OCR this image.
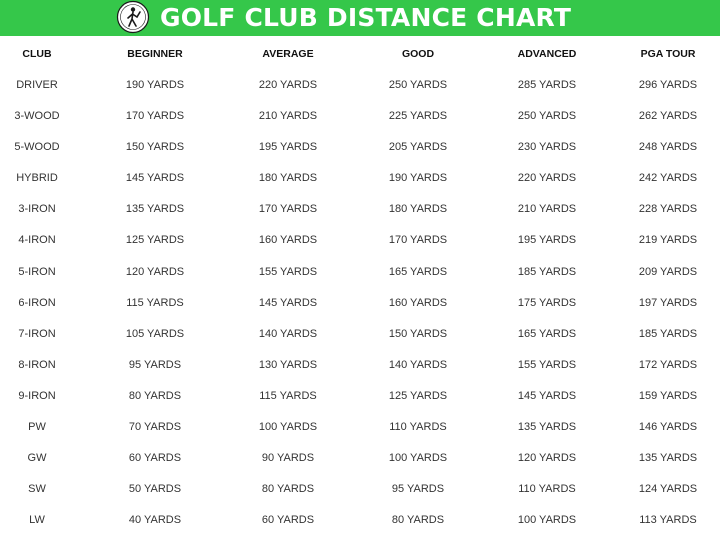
GOLF CLUB DISTANCE CHART
CLUB	BEGINNER	AVERAGE	GOOD	ADVANCED	PGA TOUR
DRIVER	190 YARDS	220 YARDS	250 YARDS	285 YARDS	296 YARDS
3-WOOD	170 YARDS	210 YARDS	225 YARDS	250 YARDS	262 YARDS
5-WOOD	150 YARDS	195 YARDS	205 YARDS	230 YARDS	248 YARDS
HYBRID	145 YARDS	180 YARDS	190 YARDS	220 YARDS	242 YARDS
3-IRON	135 YARDS	170 YARDS	180 YARDS	210 YARDS	228 YARDS
4-IRON	125 YARDS	160 YARDS	170 YARDS	195 YARDS	219 YARDS
5-IRON	120 YARDS	155 YARDS	165 YARDS	185 YARDS	209 YARDS
6-IRON	115 YARDS	145 YARDS	160 YARDS	175 YARDS	197 YARDS
7-IRON	105 YARDS	140 YARDS	150 YARDS	165 YARDS	185 YARDS
8-IRON	95 YARDS	130 YARDS	140 YARDS	155 YARDS	172 YARDS
9-IRON	80 YARDS	115 YARDS	125 YARDS	145 YARDS	159 YARDS
PW	70 YARDS	100 YARDS	110 YARDS	135 YARDS	146 YARDS
GW	60 YARDS	90 YARDS	100 YARDS	120 YARDS	135 YARDS
SW	50 YARDS	80 YARDS	95 YARDS	110 YARDS	124 YARDS
LW	40 YARDS	60 YARDS	80 YARDS	100 YARDS	113 YARDS
